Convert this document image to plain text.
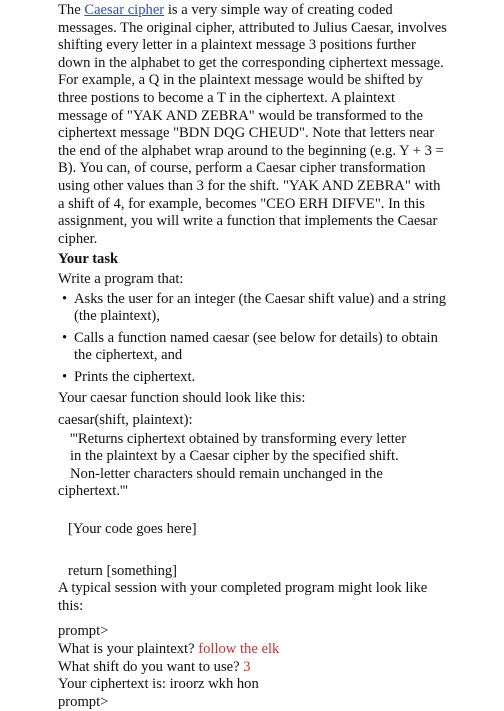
The Caesar cipher is a very simple way of creating coded messages. The original cipher, attributed to Julius Caesar, involves shifting every letter in a plaintext message 3 positions further down in the alphabet to get the corresponding ciphertext message. For example, a Q in the plaintext message would be shifted by three postions to become a T in the ciphertext. A plaintext message of "YAK AND ZEBRA" would be transformed to the ciphertext message "BDN DQG CHEUD". Note that letters near the end of the alphabet wrap around to the beginning (e.g. Y + 3 = B). You can, of course, perform a Caesar cipher transformation using other values than 3 for the shift. "YAK AND ZEBRA" with a shift of 4, for example, becomes "CEO ERH DIFVE". In this assignment, you will write a function that implements the Caesar cipher.

Your task

Write a program that:

• Asks the user for an integer (the Caesar shift value) and a string (the plaintext),
• Calls a function named caesar (see below for details) to obtain the ciphertext, and
• Prints the ciphertext.

Your caesar function should look like this:

caesar(shift, plaintext):

'''Returns ciphertext obtained by transforming every letter

in the plaintext by a Caesar cipher by the specified shift.

Non-letter characters should remain unchanged in the

ciphertext.'''

[Your code goes here]

return [something]

A typical session with your completed program might look like this:

prompt>

What is your plaintext? follow the elk

What shift do you want to use? 3

Your ciphertext is: iroorz wkh hon

prompt>
